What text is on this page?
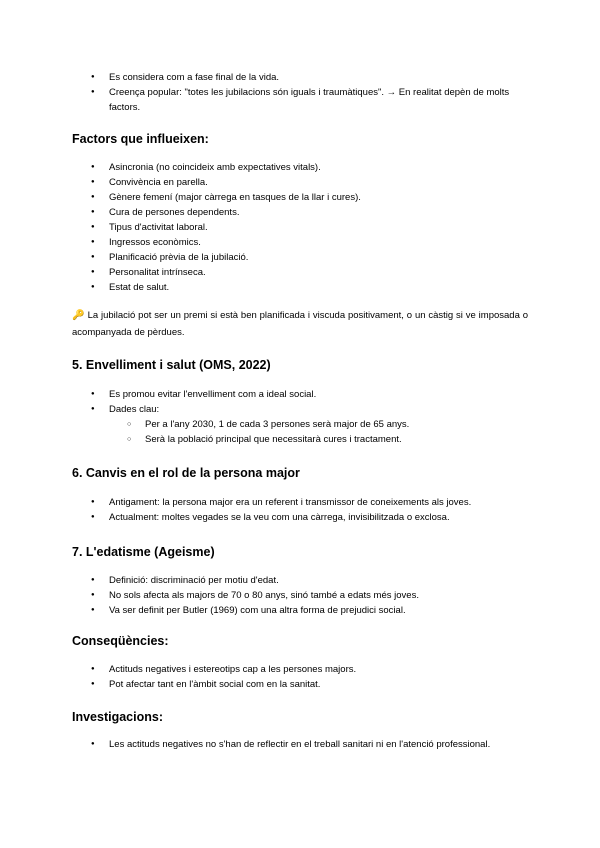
● Es considera com a fase final de la vida.
● Creença popular: "totes les jubilacions són iguals i traumàtiques". → En realitat depèn de molts factors.
Factors que influeixen:
● Asincronia (no coincideix amb expectatives vitals).
● Convivència en parella.
● Gènere femení (major càrrega en tasques de la llar i cures).
● Cura de persones dependents.
● Tipus d'activitat laboral.
● Ingressos econòmics.
● Planificació prèvia de la jubilació.
● Personalitat intrínseca.
● Estat de salut.

🔑 La jubilació pot ser un premi si està ben planificada i viscuda positivament, o un càstig si ve imposada o acompanyada de pèrdues.

5. Envelliment i salut (OMS, 2022)
● Es promou evitar l'envelliment com a ideal social.
● Dades clau:
○ Per a l'any 2030, 1 de cada 3 persones serà major de 65 anys.
○ Serà la població principal que necessitarà cures i tractament.
6. Canvis en el rol de la persona major
● Antigament: la persona major era un referent i transmissor de coneixements als joves.
● Actualment: moltes vegades se la veu com una càrrega, invisibilitzada o exclosa.
7. L'edatisme (Ageisme)
● Definició: discriminació per motiu d'edat.
● No sols afecta als majors de 70 o 80 anys, sinó també a edats més joves.
● Va ser definit per Butler (1969) com una altra forma de prejudici social.
Conseqüències:
● Actituds negatives i estereotips cap a les persones majors.
● Pot afectar tant en l'àmbit social com en la sanitat.
Investigacions:
● Les actituds negatives no s'han de reflectir en el treball sanitari ni en l'atenció professional.
